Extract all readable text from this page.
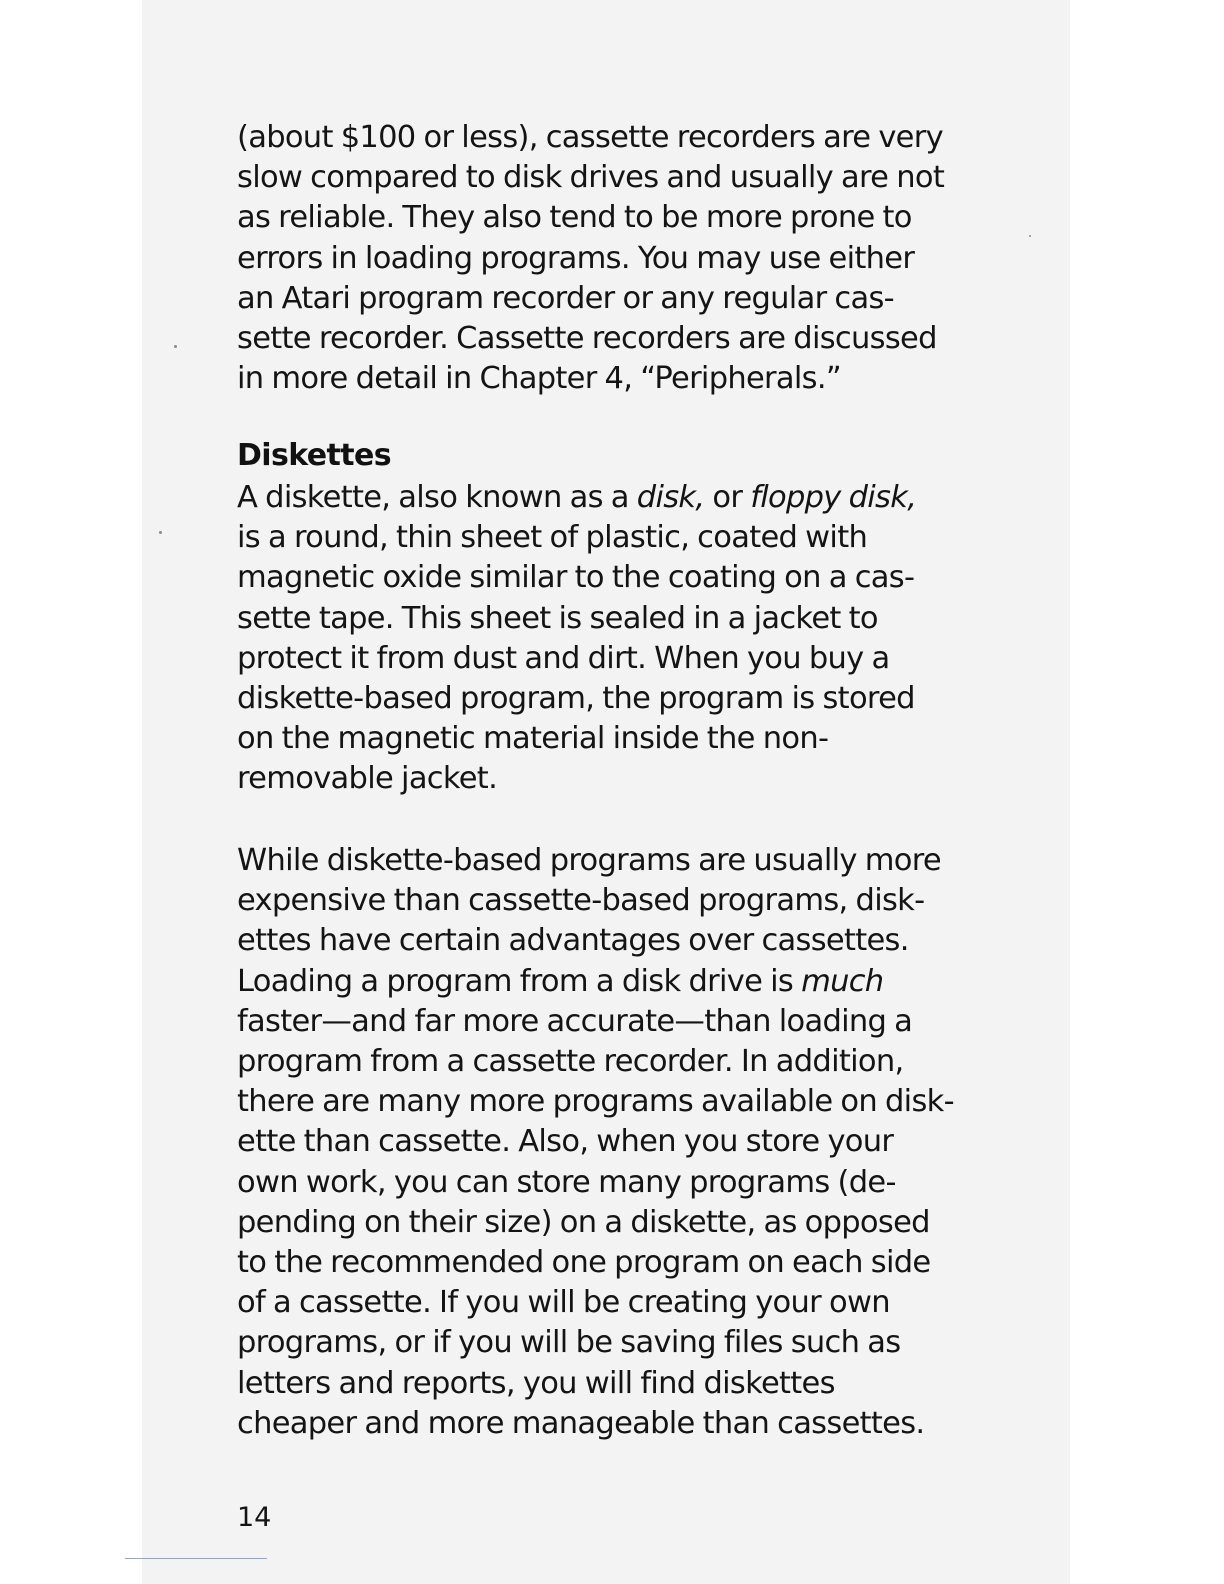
(about $100 or less), cassette recorders are very
slow compared to disk drives and usually are not
as reliable. They also tend to be more prone to
errors in loading programs. You may use either
an Atari program recorder or any regular cas-
sette recorder. Cassette recorders are discussed
in more detail in Chapter 4, “Peripherals.”
Diskettes
A diskette, also known as a disk, or floppy disk,
is a round, thin sheet of plastic, coated with
magnetic oxide similar to the coating on a cas-
sette tape. This sheet is sealed in a jacket to
protect it from dust and dirt. When you buy a
diskette-based program, the program is stored
on the magnetic material inside the non-
removable jacket.
While diskette-based programs are usually more
expensive than cassette-based programs, disk-
ettes have certain advantages over cassettes.
Loading a program from a disk drive is much
faster—and far more accurate—than loading a
program from a cassette recorder. In addition,
there are many more programs available on disk-
ette than cassette. Also, when you store your
own work, you can store many programs (de-
pending on their size) on a diskette, as opposed
to the recommended one program on each side
of a cassette. If you will be creating your own
programs, or if you will be saving files such as
letters and reports, you will find diskettes
cheaper and more manageable than cassettes.
14
